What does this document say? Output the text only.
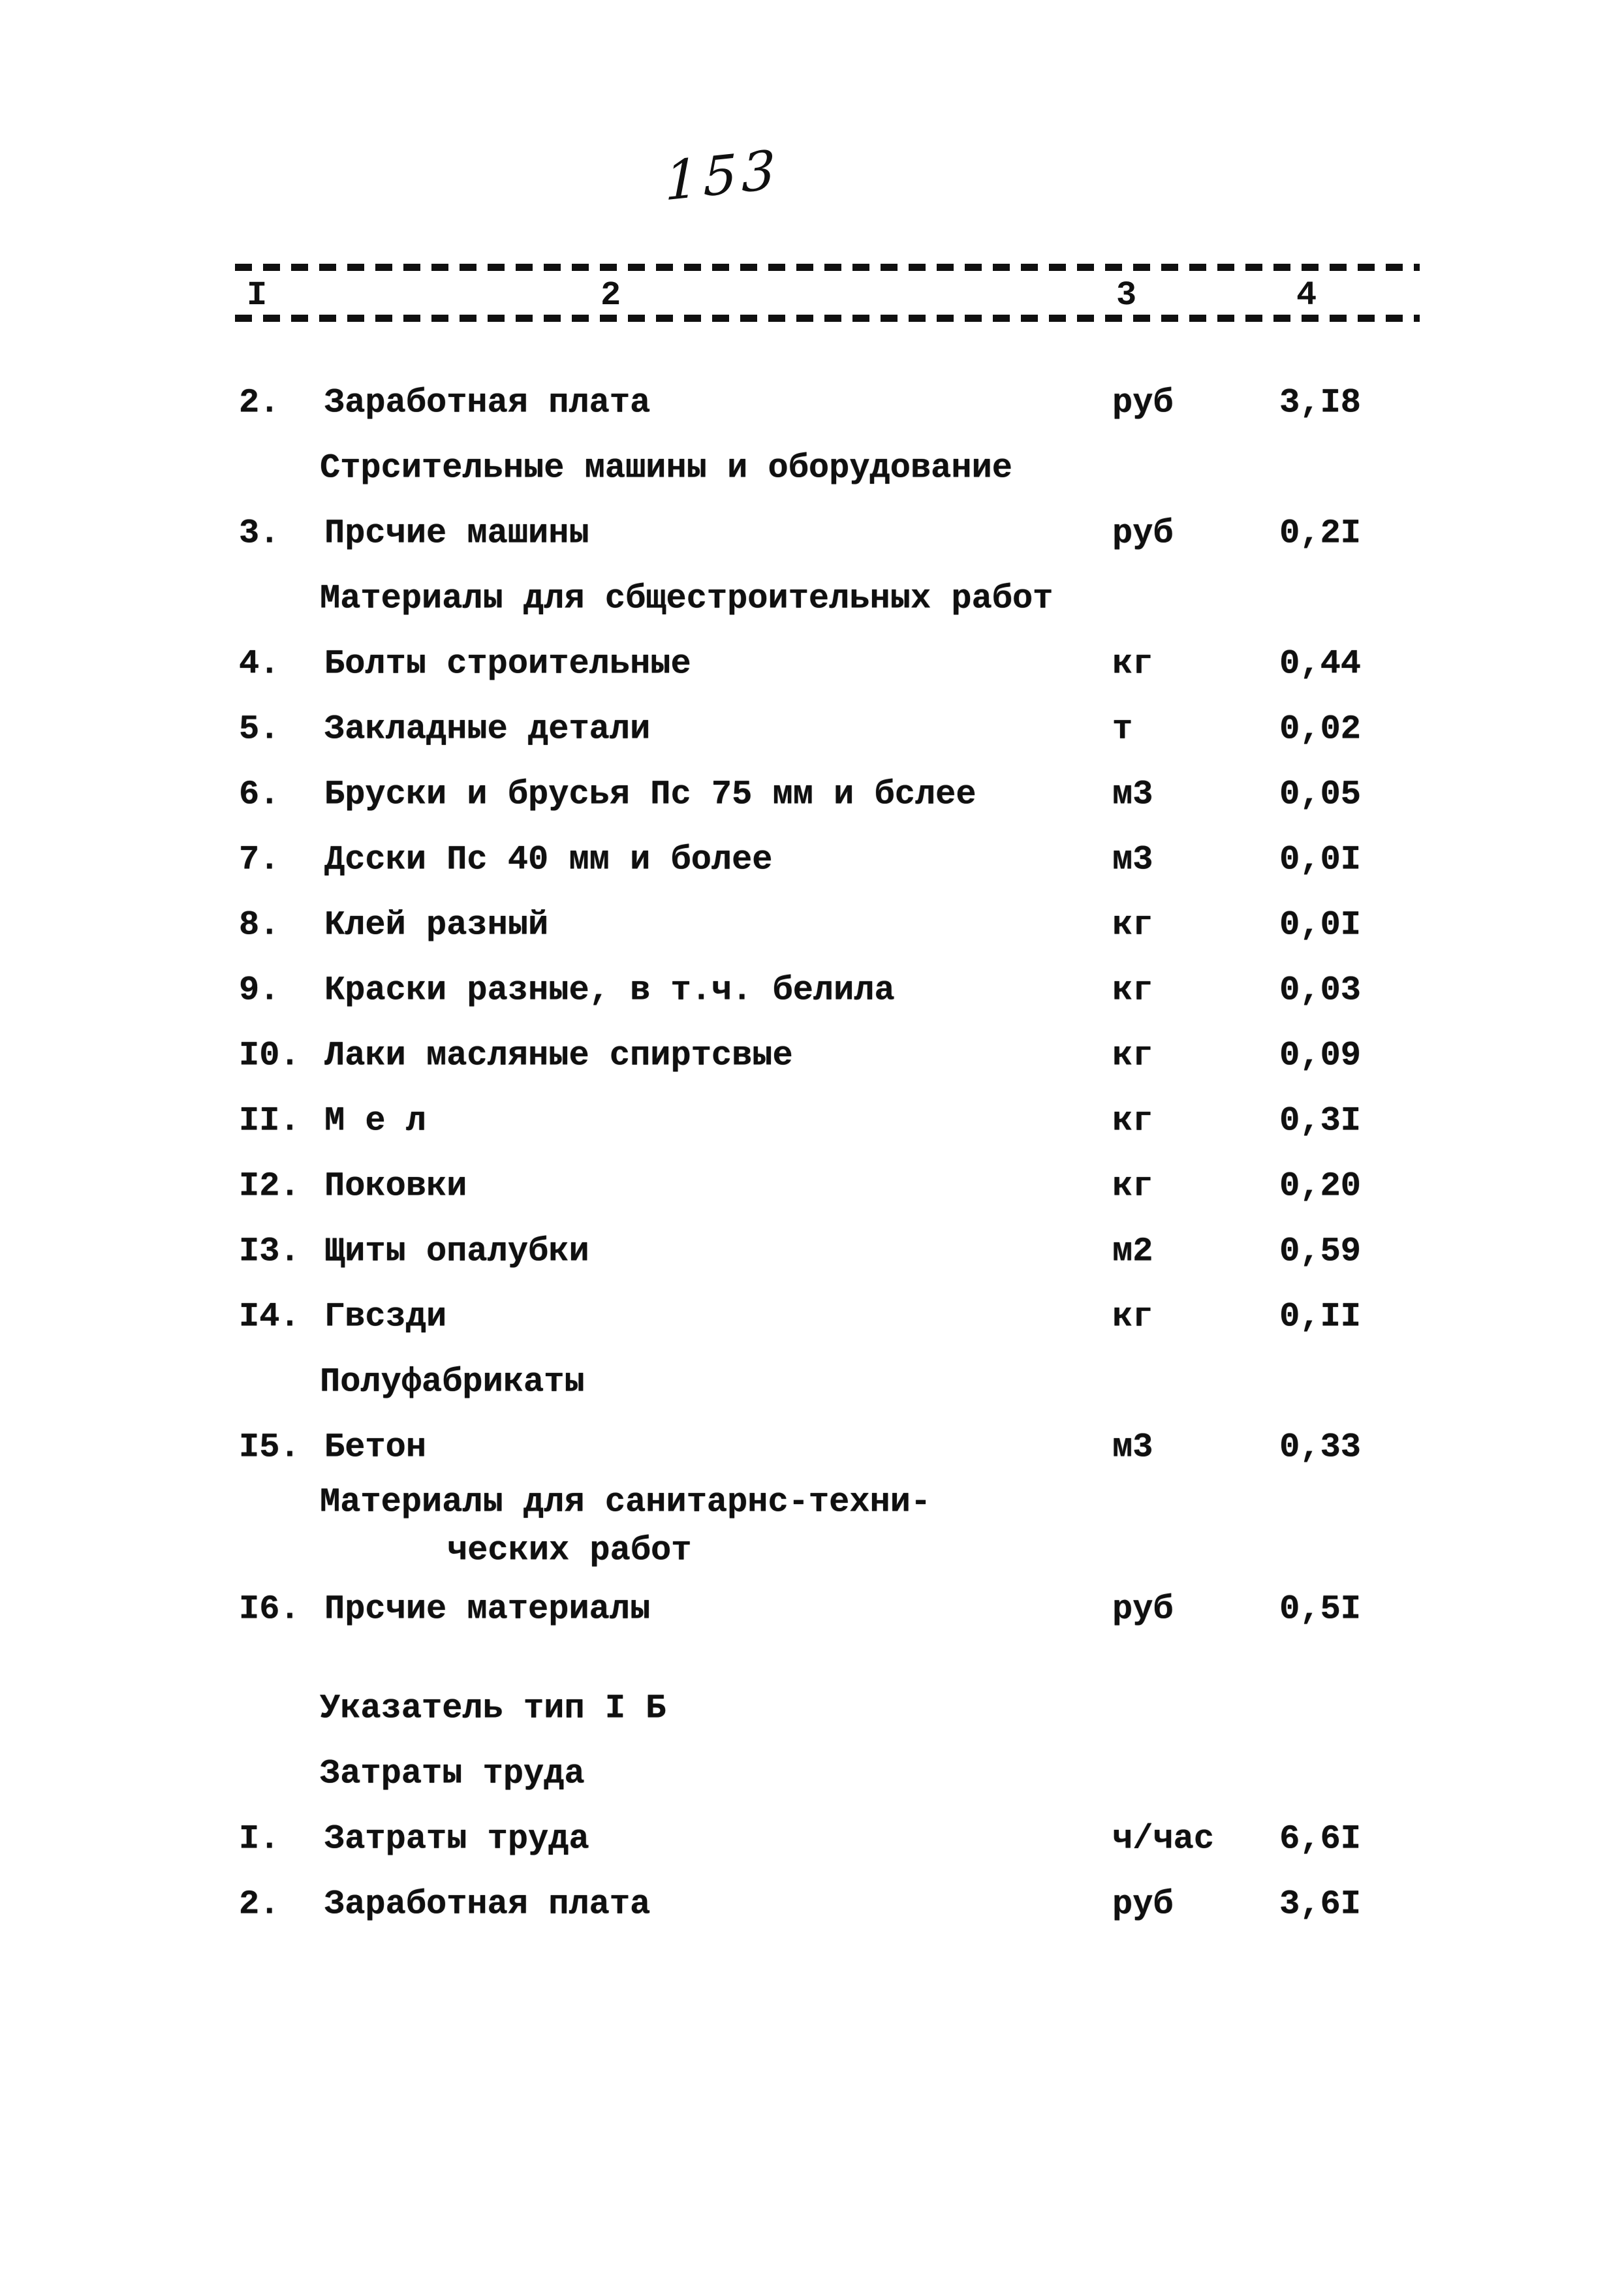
153
I	2	3	4
2. Заработная плата	руб	3,I8
Стрсительные машины и оборудование
3. Прсчие машины	руб	0,2I
Материалы для сбщестроительных работ
4. Болты строительные	кг	0,44
5. Закладные детали	т	0,02
6. Бруски и брусья Пс 75 мм и бслее	м3	0,05
7. Дсски Пс 40 мм и более	м3	0,0I
8. Клей разный	кг	0,0I
9. Краски разные, в т.ч. белила	кг	0,03
I0. Лаки масляные спиртсвые	кг	0,09
II. М е л	кг	0,3I
I2. Поковки	кг	0,20
I3. Щиты опалубки	м2	0,59
I4. Гвсзди	кг	0,II
Полуфабрикаты
I5. Бетон	м3	0,33
Материалы для санитарнс-техни-
ческих работ
I6. Прсчие материалы	руб	0,5I
Указатель тип I Б
Затраты труда
I. Затраты труда	ч/час	6,6I
2. Заработная плата	руб	3,6I
